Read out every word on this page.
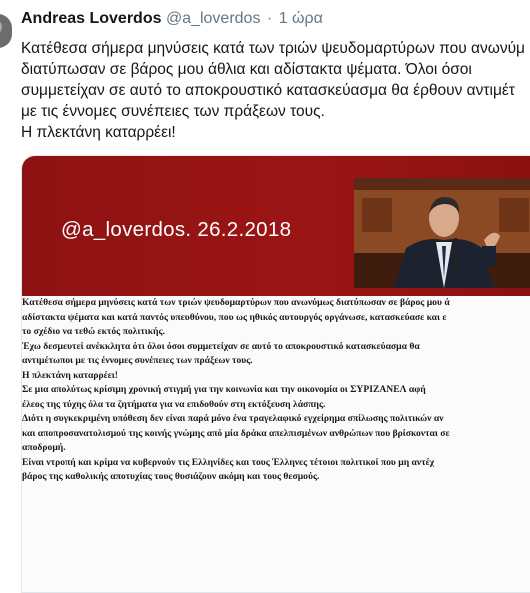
Andreas Loverdos @a_loverdos · 1 ώρα
Κατέθεσα σήμερα μηνύσεις κατά των τριών ψευδομαρτύρων που ανωνύμ
διατύπωσαν σε βάρος μου άθλια και αδίστακτα ψέματα. Όλοι όσοι
συμμετείχαν σε αυτό το αποκρουστικό κατασκεύασμα θα έρθουν αντιμέτ
με τις έννομες συνέπειες των πράξεων τους.
Η πλεκτάνη καταρρέει!
@a_loverdos. 26.2.2018

Κατέθεσα σήμερα μηνύσεις κατά των τριών ψευδομαρτύρων που ανωνύμως διατύπωσαν σε βάρος μου ά
αδίστακτα ψέματα και κατά παντός υπευθύνου, που ως ηθικός αυτουργός οργάνωσε, κατασκεύασε και ε
το σχέδιο να τεθώ εκτός πολιτικής.

Έχω δεσμευτεί ανέκκλητα ότι όλοι όσοι συμμετείχαν σε αυτό το αποκρουστικό κατασκεύασμα θα
αντιμέτωποι με τις έννομες συνέπειες των πράξεων τους.

Η πλεκτάνη καταρρέει!

Σε μια απολύτως κρίσιμη χρονική στιγμή για την κοινωνία και την οικονομία οι ΣΥΡΙΖΑΝΕΛ αφή
έλεος της τύχης όλα τα ζητήματα για να επιδοθούν στη εκτόξευση λάσπης.
Διότι η συγκεκριμένη υπόθεση δεν είναι παρά μόνο ένα τραγελαφικό εγχείρημα σπίλωσης πολιτικών αν
και αποπροσανατολισμού της κοινής γνώμης από μία δράκα απελπισμένων ανθρώπων που βρίσκονται σε
αποδρομή.

Είναι ντροπή και κρίμα να κυβερνούν τις Ελληνίδες και τους Έλληνες τέτοιοι πολιτικοί που μη αντέχ
βάρος της καθολικής αποτυχίας τους θυσιάζουν ακόμη και τους θεσμούς.
